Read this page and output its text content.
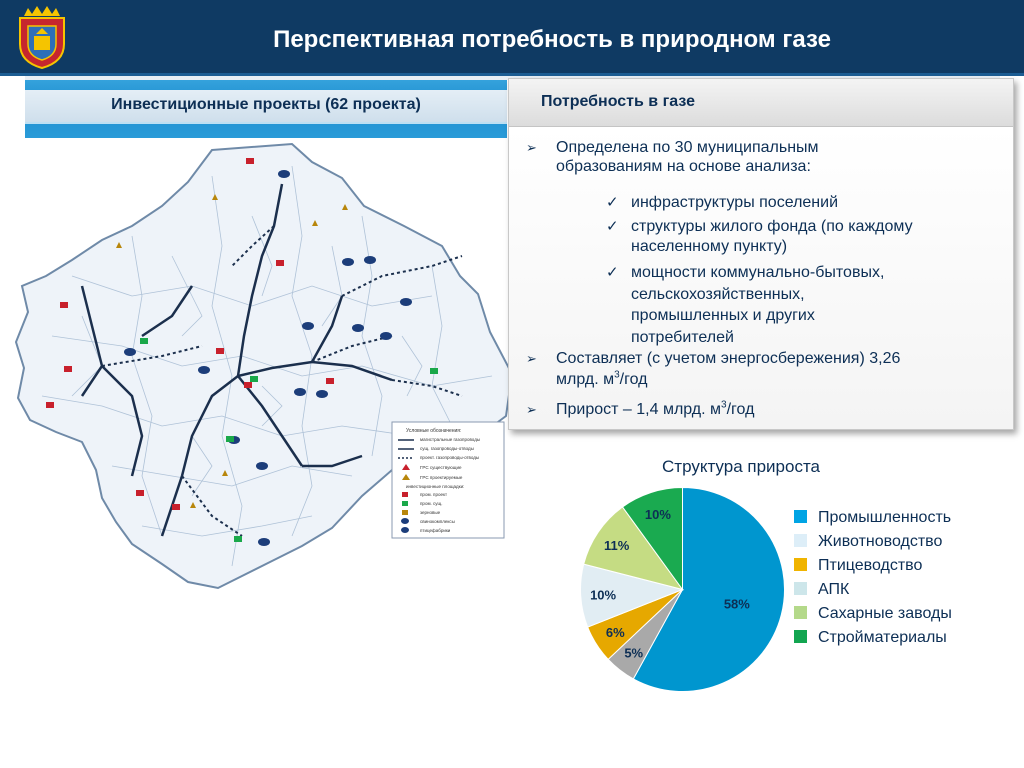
Перспективная потребность в природном газе
Инвестиционные проекты (62 проекта)
Условные обозначения:
магистральные газопроводы
сущ. газопроводы-отводы
проект. газопроводы-отводы
ГРС существующие
ГРС проектируемые
инвестиционные площадки:
пром. проект
пром. сущ.
зерновые
свинокомплексы
птицефабрики
Потребность в газе
➢ Определена по 30 муниципальным
образованиям на основе анализа:
✓ инфраструктуры поселений
✓ структуры жилого фонда (по каждому
населенному пункту)
✓ мощности коммунально-бытовых,
сельскохозяйственных,
промышленных и других
потребителей
➢ Составляет (с учетом энергосбережения) 3,26
млрд. $м^3$/год
➢ Прирост – 1,4 млрд. $м^3$/год
Структура прироста
58%
5%
6%
10%
11%
10%	Промышленность
Животноводство
Птицеводство
АПК
Сахарные заводы
Стройматериалы
